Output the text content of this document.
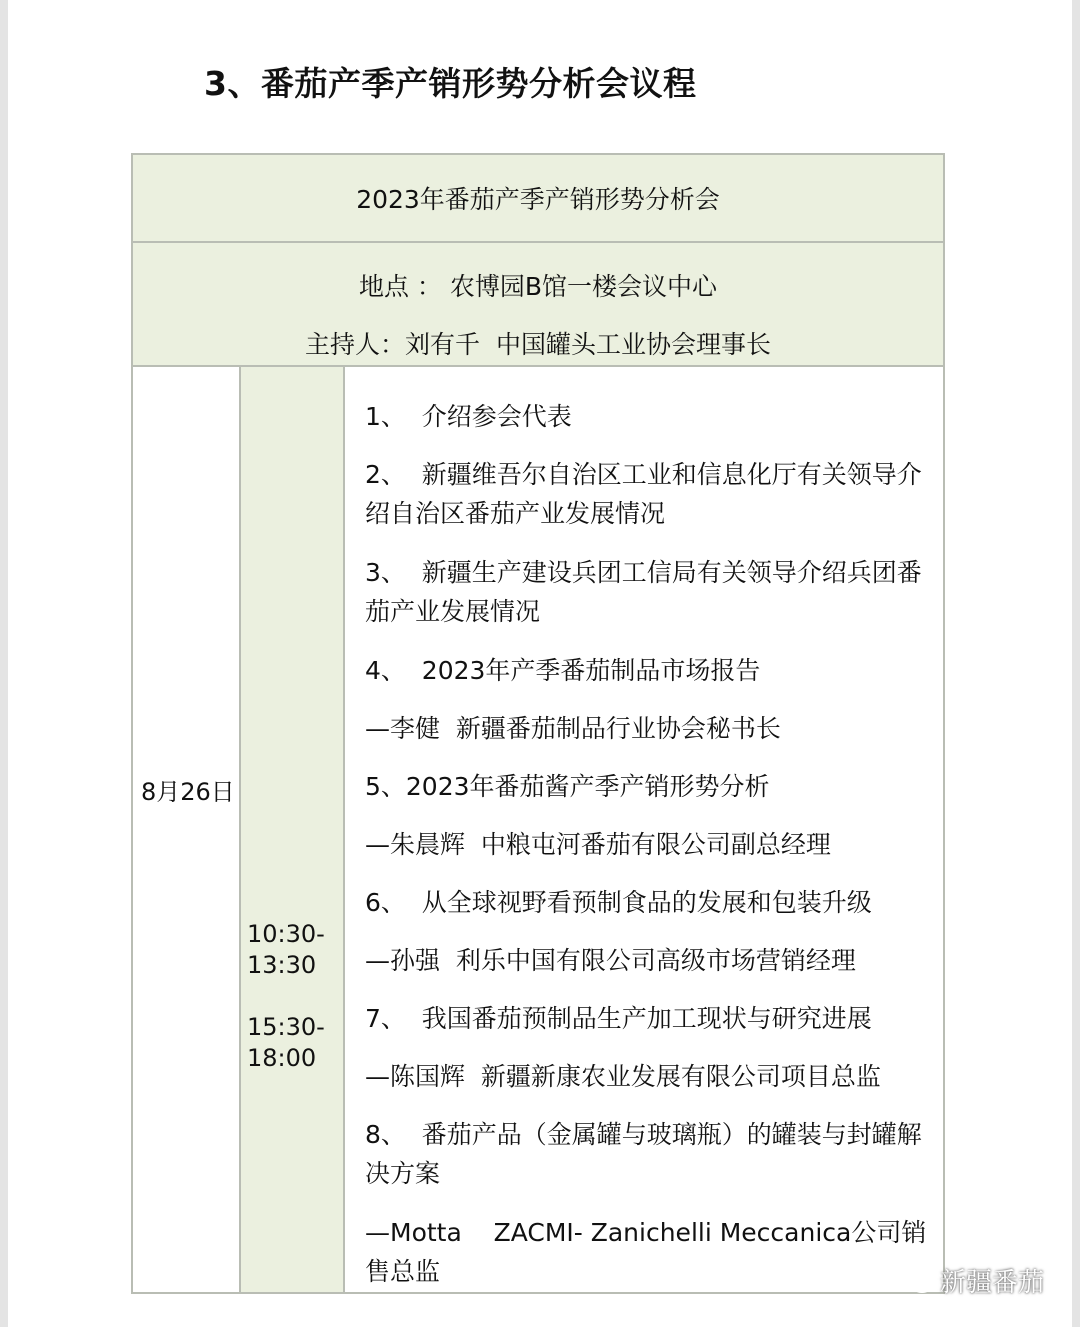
3、番茄产季产销形势分析会议程
2023年番茄产季产销形势分析会
地点 ： 农博园B馆一楼会议中心
主持人：刘有千  中国罐头工业协会理事长
8月26日
10:30-13:30
15:30-18:00
1、  介绍参会代表
2、  新疆维吾尔自治区工业和信息化厅有关领导介绍自治区番茄产业发展情况
3、  新疆生产建设兵团工信局有关领导介绍兵团番茄产业发展情况
4、  2023年产季番茄制品市场报告
—李健  新疆番茄制品行业协会秘书长
5、2023年番茄酱产季产销形势分析
—朱晨辉  中粮屯河番茄有限公司副总经理
6、  从全球视野看预制食品的发展和包装升级
—孙强  利乐中国有限公司高级市场营销经理
7、  我国番茄预制品生产加工现状与研究进展
—陈国辉  新疆新康农业发展有限公司项目总监
8、  番茄产品（金属罐与玻璃瓶）的罐装与封罐解决方案
—Motta    ZACMI- Zanichelli Meccanica公司销售总监	新疆番茄
